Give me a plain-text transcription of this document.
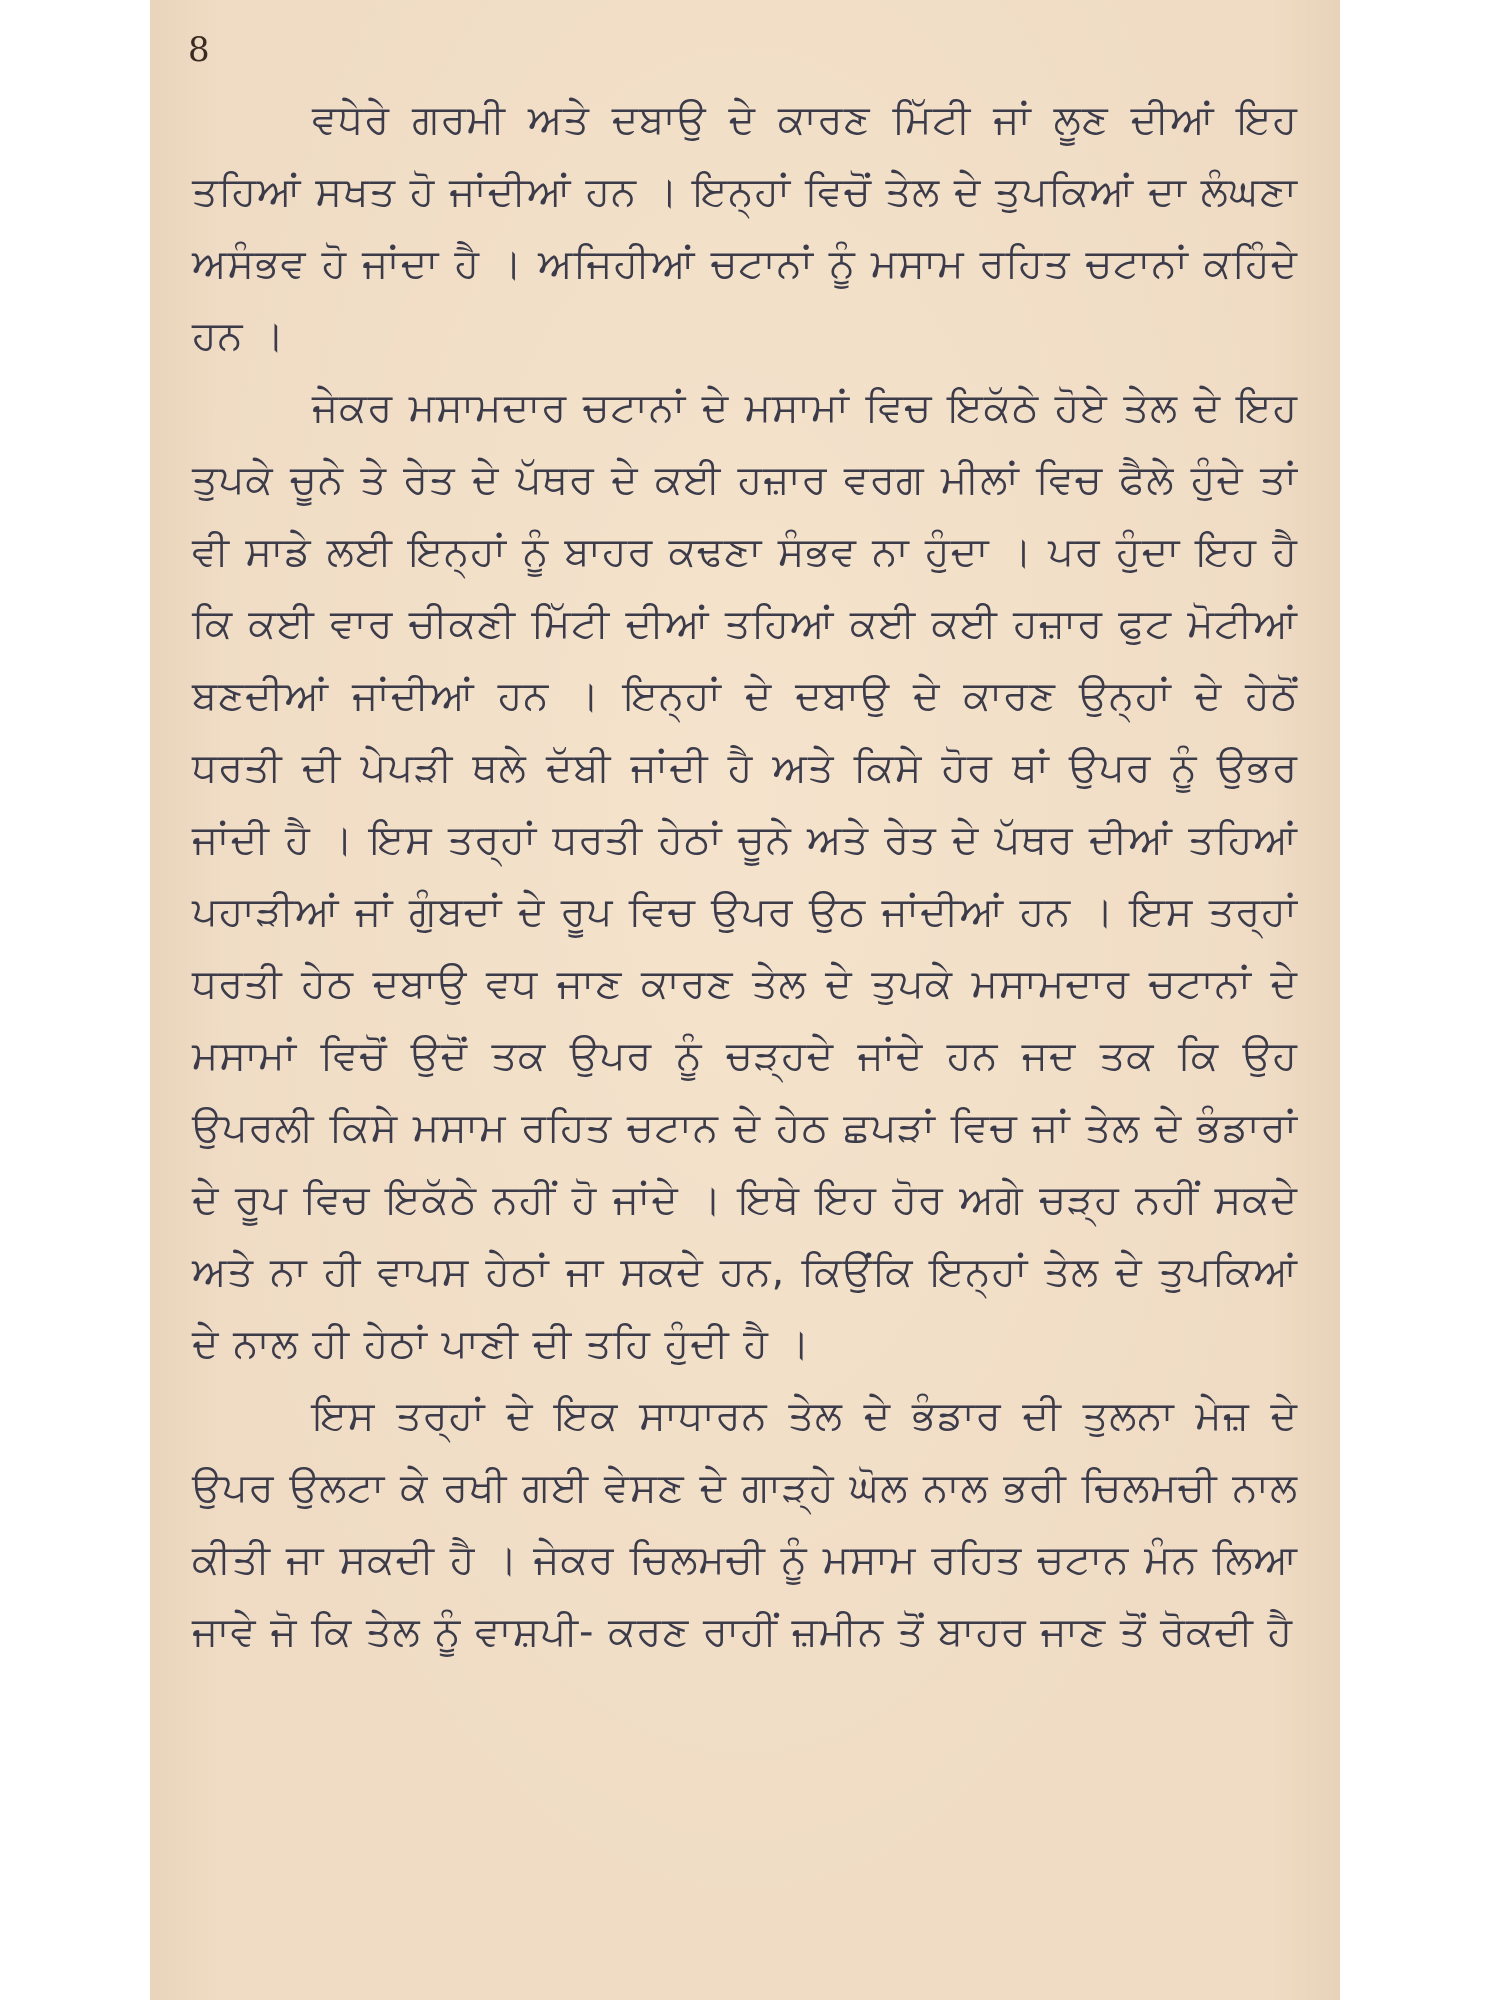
8

ਵਧੇਰੇ ਗਰਮੀ ਅਤੇ ਦਬਾਉ ਦੇ ਕਾਰਣ ਮਿੱਟੀ ਜਾਂ ਲੂਣ ਦੀਆਂ ਇਹ ਤਹਿਆਂ ਸਖਤ ਹੋ ਜਾਂਦੀਆਂ ਹਨ । ਇਨ੍ਹਾਂ ਵਿਚੋਂ ਤੇਲ ਦੇ ਤੁਪਕਿਆਂ ਦਾ ਲੰਘਣਾ ਅਸੰਭਵ ਹੋ ਜਾਂਦਾ ਹੈ । ਅਜਿਹੀਆਂ ਚਟਾਨਾਂ ਨੂੰ ਮਸਾਮ ਰਹਿਤ ਚਟਾਨਾਂ ਕਹਿੰਦੇ ਹਨ ।

ਜੇਕਰ ਮਸਾਮਦਾਰ ਚਟਾਨਾਂ ਦੇ ਮਸਾਮਾਂ ਵਿਚ ਇਕੱਠੇ ਹੋਏ ਤੇਲ ਦੇ ਇਹ ਤੁਪਕੇ ਚੂਨੇ ਤੇ ਰੇਤ ਦੇ ਪੱਥਰ ਦੇ ਕਈ ਹਜ਼ਾਰ ਵਰਗ ਮੀਲਾਂ ਵਿਚ ਫੈਲੇ ਹੁੰਦੇ ਤਾਂ ਵੀ ਸਾਡੇ ਲਈ ਇਨ੍ਹਾਂ ਨੂੰ ਬਾਹਰ ਕਢਣਾ ਸੰਭਵ ਨਾ ਹੁੰਦਾ । ਪਰ ਹੁੰਦਾ ਇਹ ਹੈ ਕਿ ਕਈ ਵਾਰ ਚੀਕਣੀ ਮਿੱਟੀ ਦੀਆਂ ਤਹਿਆਂ ਕਈ ਕਈ ਹਜ਼ਾਰ ਫੁਟ ਮੋਟੀਆਂ ਬਣਦੀਆਂ ਜਾਂਦੀਆਂ ਹਨ । ਇਨ੍ਹਾਂ ਦੇ ਦਬਾਉ ਦੇ ਕਾਰਣ ਉਨ੍ਹਾਂ ਦੇ ਹੇਠੋਂ ਧਰਤੀ ਦੀ ਪੇਪੜੀ ਥਲੇ ਦੱਬੀ ਜਾਂਦੀ ਹੈ ਅਤੇ ਕਿਸੇ ਹੋਰ ਥਾਂ ਉਪਰ ਨੂੰ ਉਭਰ ਜਾਂਦੀ ਹੈ । ਇਸ ਤਰ੍ਹਾਂ ਧਰਤੀ ਹੇਠਾਂ ਚੂਨੇ ਅਤੇ ਰੇਤ ਦੇ ਪੱਥਰ ਦੀਆਂ ਤਹਿਆਂ ਪਹਾੜੀਆਂ ਜਾਂ ਗੁੰਬਦਾਂ ਦੇ ਰੂਪ ਵਿਚ ਉਪਰ ਉਠ ਜਾਂਦੀਆਂ ਹਨ । ਇਸ ਤਰ੍ਹਾਂ ਧਰਤੀ ਹੇਠ ਦਬਾਉ ਵਧ ਜਾਣ ਕਾਰਣ ਤੇਲ ਦੇ ਤੁਪਕੇ ਮਸਾਮਦਾਰ ਚਟਾਨਾਂ ਦੇ ਮਸਾਮਾਂ ਵਿਚੋਂ ਉਦੋਂ ਤਕ ਉਪਰ ਨੂੰ ਚੜ੍ਹਦੇ ਜਾਂਦੇ ਹਨ ਜਦ ਤਕ ਕਿ ਉਹ ਉਪਰਲੀ ਕਿਸੇ ਮਸਾਮ ਰਹਿਤ ਚਟਾਨ ਦੇ ਹੇਠ ਛਪੜਾਂ ਵਿਚ ਜਾਂ ਤੇਲ ਦੇ ਭੰਡਾਰਾਂ ਦੇ ਰੂਪ ਵਿਚ ਇਕੱਠੇ ਨਹੀਂ ਹੋ ਜਾਂਦੇ । ਇਥੇ ਇਹ ਹੋਰ ਅਗੇ ਚੜ੍ਹ ਨਹੀਂ ਸਕਦੇ ਅਤੇ ਨਾ ਹੀ ਵਾਪਸ ਹੇਠਾਂ ਜਾ ਸਕਦੇ ਹਨ, ਕਿਉਂਕਿ ਇਨ੍ਹਾਂ ਤੇਲ ਦੇ ਤੁਪਕਿਆਂ ਦੇ ਨਾਲ ਹੀ ਹੇਠਾਂ ਪਾਣੀ ਦੀ ਤਹਿ ਹੁੰਦੀ ਹੈ ।

ਇਸ ਤਰ੍ਹਾਂ ਦੇ ਇਕ ਸਾਧਾਰਨ ਤੇਲ ਦੇ ਭੰਡਾਰ ਦੀ ਤੁਲਨਾ ਮੇਜ਼ ਦੇ ਉਪਰ ਉਲਟਾ ਕੇ ਰਖੀ ਗਈ ਵੇਸਣ ਦੇ ਗਾੜ੍ਹੇ ਘੋਲ ਨਾਲ ਭਰੀ ਚਿਲਮਚੀ ਨਾਲ ਕੀਤੀ ਜਾ ਸਕਦੀ ਹੈ । ਜੇਕਰ ਚਿਲਮਚੀ ਨੂੰ ਮਸਾਮ ਰਹਿਤ ਚਟਾਨ ਮੰਨ ਲਿਆ ਜਾਵੇ ਜੋ ਕਿ ਤੇਲ ਨੂੰ ਵਾਸ਼ਪੀ- ਕਰਣ ਰਾਹੀਂ ਜ਼ਮੀਨ ਤੋਂ ਬਾਹਰ ਜਾਣ ਤੋਂ ਰੋਕਦੀ ਹੈ
